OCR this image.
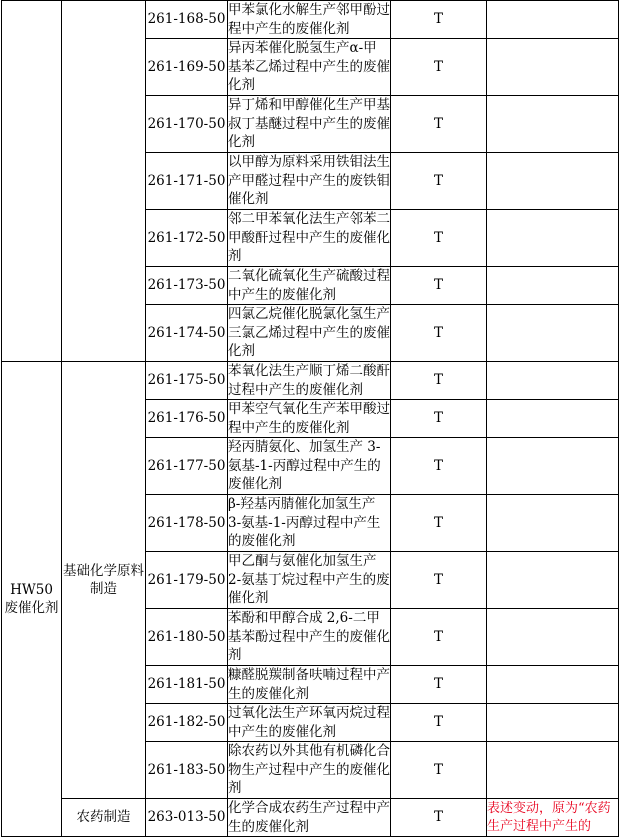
		261-168-50	甲苯氯化水解生产邻甲酚过程中产生的废催化剂	T	
		261-169-50	异丙苯催化脱氢生产α-甲基苯乙烯过程中产生的废催化剂	T	
		261-170-50	异丁烯和甲醇催化生产甲基叔丁基醚过程中产生的废催化剂	T	
		261-171-50	以甲醇为原料采用铁钼法生产甲醛过程中产生的废铁钼催化剂	T	
		261-172-50	邻二甲苯氧化法生产邻苯二甲酸酐过程中产生的废催化剂	T	
		261-173-50	二氧化硫氧化生产硫酸过程中产生的废催化剂	T	
		261-174-50	四氯乙烷催化脱氯化氢生产三氯乙烯过程中产生的废催化剂	T	
HW50 废催化剂	基础化学原料制造	261-175-50	苯氧化法生产顺丁烯二酸酐过程中产生的废催化剂	T	
		261-176-50	甲苯空气氧化生产苯甲酸过程中产生的废催化剂	T	
		261-177-50	羟丙腈氨化、加氢生产 3-氨基-1-丙醇过程中产生的废催化剂	T	
		261-178-50	β-羟基丙腈催化加氢生产 3-氨基-1-丙醇过程中产生的废催化剂	T	
		261-179-50	甲乙酮与氨催化加氢生产 2-氨基丁烷过程中产生的废催化剂	T	
		261-180-50	苯酚和甲醇合成 2,6-二甲基苯酚过程中产生的废催化剂	T	
		261-181-50	糠醛脱羰制备呋喃过程中产生的废催化剂	T	
		261-182-50	过氧化法生产环氧丙烷过程中产生的废催化剂	T	
		261-183-50	除农药以外其他有机磷化合物生产过程中产生的废催化剂	T	
	农药制造	263-013-50	化学合成农药生产过程中产生的废催化剂	T	表述变动，原为“农药生产过程中产生的
